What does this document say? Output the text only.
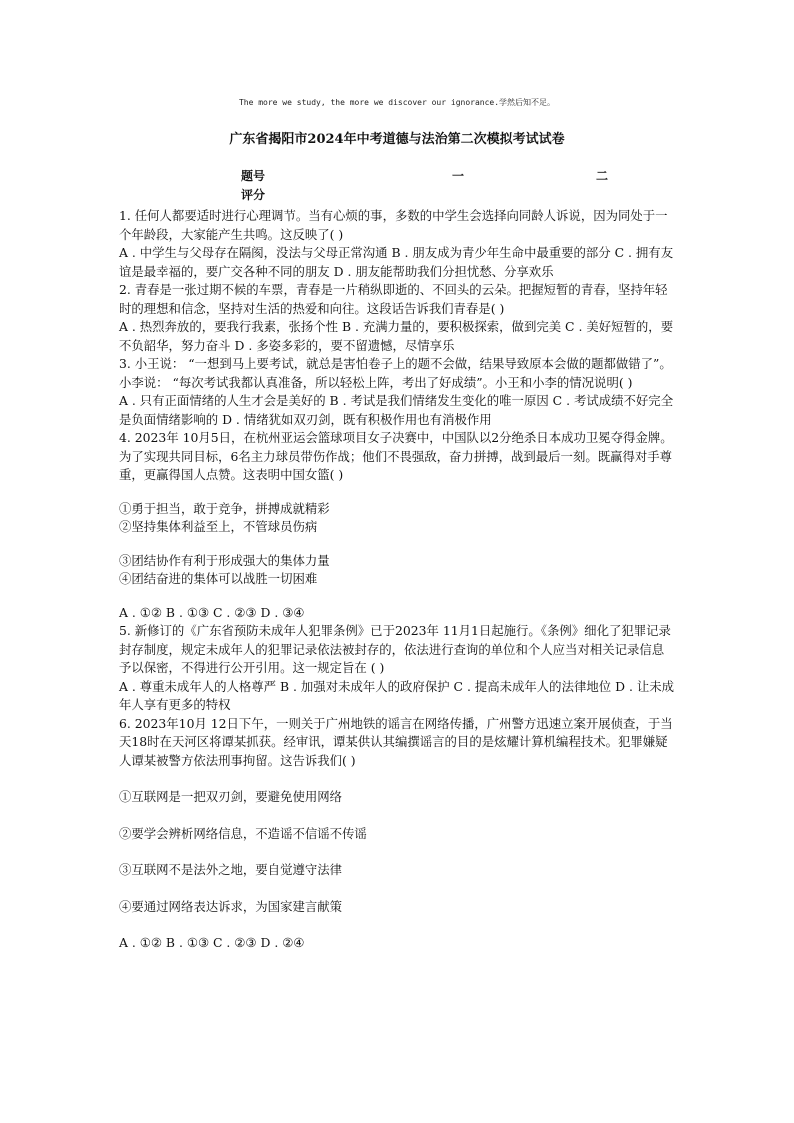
The more we study, the more we discover our ignorance.学然后知不足。
广东省揭阳市2024年中考道德与法治第二次模拟考试试卷
题号	一	二
评分

1. 任何人都要适时进行心理调节。当有心烦的事，多数的中学生会选择向同龄人诉说，因为同处于一个年龄段，大家能产生共鸣。这反映了( )

A . 中学生与父母存在隔阂，没法与父母正常沟通 B . 朋友成为青少年生命中最重要的部分 C . 拥有友谊是最幸福的，要广交各种不同的朋友 D . 朋友能帮助我们分担忧愁、分享欢乐

2. 青春是一张过期不候的车票，青春是一片稍纵即逝的、不回头的云朵。把握短暂的青春，坚持年轻时的理想和信念，坚持对生活的热爱和向往。这段话告诉我们青春是( )

A . 热烈奔放的，要我行我素，张扬个性 B . 充满力量的，要积极探索，做到完美 C . 美好短暂的，要不负韶华，努力奋斗 D . 多姿多彩的，要不留遗憾，尽情享乐

3. 小王说： “一想到马上要考试，就总是害怕卷子上的题不会做，结果导致原本会做的题都做错了”。小李说： “每次考试我都认真准备，所以轻松上阵，考出了好成绩”。小王和小李的情况说明( )

A . 只有正面情绪的人生才会是美好的 B . 考试是我们情绪发生变化的唯一原因 C . 考试成绩不好完全是负面情绪影响的 D . 情绪犹如双刃剑，既有积极作用也有消极作用

4. 2023年 10月5日，在杭州亚运会篮球项目女子决赛中，中国队以2分绝杀日本成功卫冕夺得金牌。为了实现共同目标，6名主力球员带伤作战；他们不畏强敌，奋力拼搏，战到最后一刻。既赢得对手尊重，更赢得国人点赞。这表明中国女篮( )

①勇于担当，敢于竞争，拼搏成就精彩

②坚持集体利益至上，不管球员伤病

③团结协作有利于形成强大的集体力量

④团结奋进的集体可以战胜一切困难

A . ①② B . ①③ C . ②③ D . ③④

5. 新修订的《广东省预防未成年人犯罪条例》已于2023年 11月1日起施行。《条例》细化了犯罪记录封存制度，规定未成年人的犯罪记录依法被封存的，依法进行查询的单位和个人应当对相关记录信息予以保密，不得进行公开引用。这一规定旨在 ( )

A . 尊重未成年人的人格尊严 B . 加强对未成年人的政府保护 C . 提高未成年人的法律地位 D . 让未成年人享有更多的特权

6. 2023年10月 12日下午，一则关于广州地铁的谣言在网络传播，广州警方迅速立案开展侦查，于当天18时在天河区将谭某抓获。经审讯，谭某供认其编撰谣言的目的是炫耀计算机编程技术。犯罪嫌疑人谭某被警方依法刑事拘留。这告诉我们( )

①互联网是一把双刃剑，要避免使用网络

②要学会辨析网络信息，不造谣不信谣不传谣

③互联网不是法外之地，要自觉遵守法律

④要通过网络表达诉求，为国家建言献策

A . ①② B . ①③ C . ②③ D . ②④
